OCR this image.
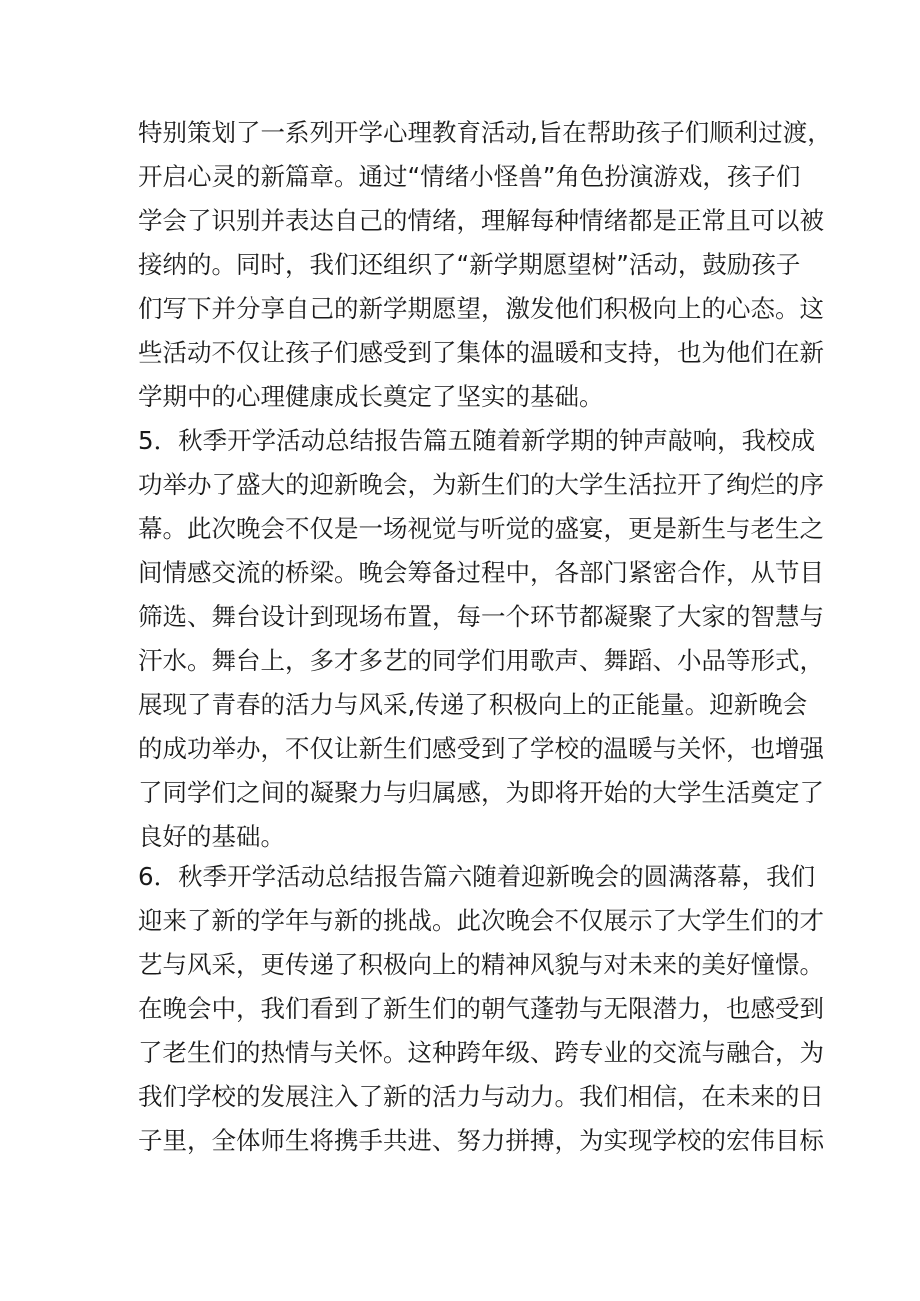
特别策划了一系列开学心理教育活动,旨在帮助孩子们顺利过渡，
开启心灵的新篇章。通过“情绪小怪兽”角色扮演游戏，孩子们
学会了识别并表达自己的情绪，理解每种情绪都是正常且可以被
接纳的。同时，我们还组织了“新学期愿望树”活动，鼓励孩子
们写下并分享自己的新学期愿望，激发他们积极向上的心态。这
些活动不仅让孩子们感受到了集体的温暖和支持，也为他们在新
学期中的心理健康成长奠定了坚实的基础。
5．秋季开学活动总结报告篇五随着新学期的钟声敲响，我校成
功举办了盛大的迎新晚会，为新生们的大学生活拉开了绚烂的序
幕。此次晚会不仅是一场视觉与听觉的盛宴，更是新生与老生之
间情感交流的桥梁。晚会筹备过程中，各部门紧密合作，从节目
筛选、舞台设计到现场布置，每一个环节都凝聚了大家的智慧与
汗水。舞台上，多才多艺的同学们用歌声、舞蹈、小品等形式，
展现了青春的活力与风采,传递了积极向上的正能量。迎新晚会
的成功举办，不仅让新生们感受到了学校的温暖与关怀，也增强
了同学们之间的凝聚力与归属感，为即将开始的大学生活奠定了
良好的基础。
6．秋季开学活动总结报告篇六随着迎新晚会的圆满落幕，我们
迎来了新的学年与新的挑战。此次晚会不仅展示了大学生们的才
艺与风采，更传递了积极向上的精神风貌与对未来的美好憧憬。
在晚会中，我们看到了新生们的朝气蓬勃与无限潜力，也感受到
了老生们的热情与关怀。这种跨年级、跨专业的交流与融合，为
我们学校的发展注入了新的活力与动力。我们相信，在未来的日
子里，全体师生将携手共进、努力拼搏，为实现学校的宏伟目标
